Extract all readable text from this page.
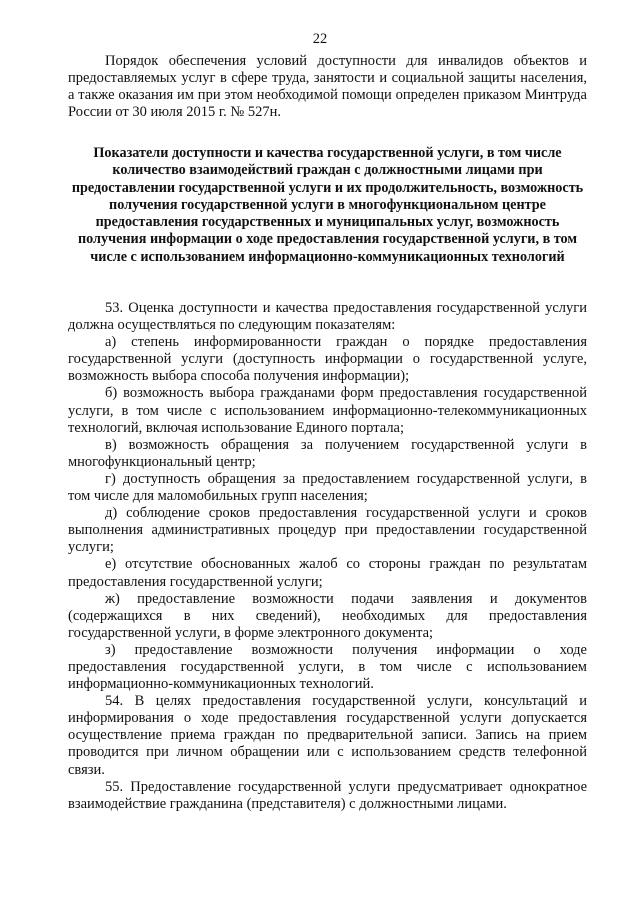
22

Порядок обеспечения условий доступности для инвалидов объектов и предоставляемых услуг в сфере труда, занятости и социальной защиты населения, а также оказания им при этом необходимой помощи определен приказом Минтруда России от 30 июля 2015 г. № 527н.

Показатели доступности и качества государственной услуги, в том числе количество взаимодействий граждан с должностными лицами при предоставлении государственной услуги и их продолжительность, возможность получения государственной услуги в многофункциональном центре предоставления государственных и муниципальных услуг, возможность получения информации о ходе предоставления государственной услуги, в том числе с использованием информационно-коммуникационных технологий

53. Оценка доступности и качества предоставления государственной услуги должна осуществляться по следующим показателям:

а) степень информированности граждан о порядке предоставления государственной услуги (доступность информации о государственной услуге, возможность выбора способа получения информации);

б) возможность выбора гражданами форм предоставления государственной услуги, в том числе с использованием информационно-телекоммуникационных технологий, включая использование Единого портала;

в) возможность обращения за получением государственной услуги в многофункциональный центр;

г) доступность обращения за предоставлением государственной услуги, в том числе для маломобильных групп населения;

д) соблюдение сроков предоставления государственной услуги и сроков выполнения административных процедур при предоставлении государственной услуги;

е) отсутствие обоснованных жалоб со стороны граждан по результатам предоставления государственной услуги;

ж) предоставление возможности подачи заявления и документов (содержащихся в них сведений), необходимых для предоставления государственной услуги, в форме электронного документа;

з) предоставление возможности получения информации о ходе предоставления государственной услуги, в том числе с использованием информационно-коммуникационных технологий.

54. В целях предоставления государственной услуги, консультаций и информирования о ходе предоставления государственной услуги допускается осуществление приема граждан по предварительной записи. Запись на прием проводится при личном обращении или с использованием средств телефонной связи.

55. Предоставление государственной услуги предусматривает однократное взаимодействие гражданина (представителя) с должностными лицами.
